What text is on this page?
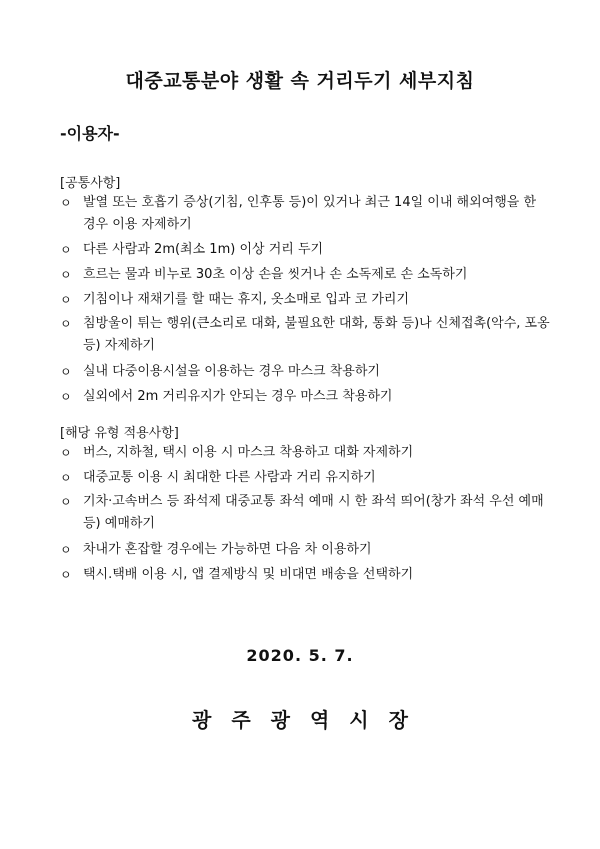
대중교통분야 생활 속 거리두기 세부지침
-이용자-
[공통사항]
ㅇ 발열 또는 호흡기 증상(기침, 인후통 등)이 있거나 최근 14일 이내 해외여행을 한 경우 이용 자제하기
ㅇ 다른 사람과 2m(최소 1m) 이상 거리 두기
ㅇ 흐르는 물과 비누로 30초 이상 손을 씻거나 손 소독제로 손 소독하기
ㅇ 기침이나 재채기를 할 때는 휴지, 옷소매로 입과 코 가리기
ㅇ 침방울이 튀는 행위(큰소리로 대화, 불필요한 대화, 통화 등)나 신체접촉(악수, 포옹 등) 자제하기
ㅇ 실내 다중이용시설을 이용하는 경우 마스크 착용하기
ㅇ 실외에서 2m 거리유지가 안되는 경우 마스크 착용하기
[해당 유형 적용사항]
ㅇ 버스, 지하철, 택시 이용 시 마스크 착용하고 대화 자제하기
ㅇ 대중교통 이용 시 최대한 다른 사람과 거리 유지하기
ㅇ 기차·고속버스 등 좌석제 대중교통 좌석 예매 시 한 좌석 띄어(창가 좌석 우선 예매 등) 예매하기
ㅇ 차내가 혼잡할 경우에는 가능하면 다음 차 이용하기
ㅇ 택시.택배 이용 시, 앱 결제방식 및 비대면 배송을 선택하기
2020. 5. 7.
광주광역시장
